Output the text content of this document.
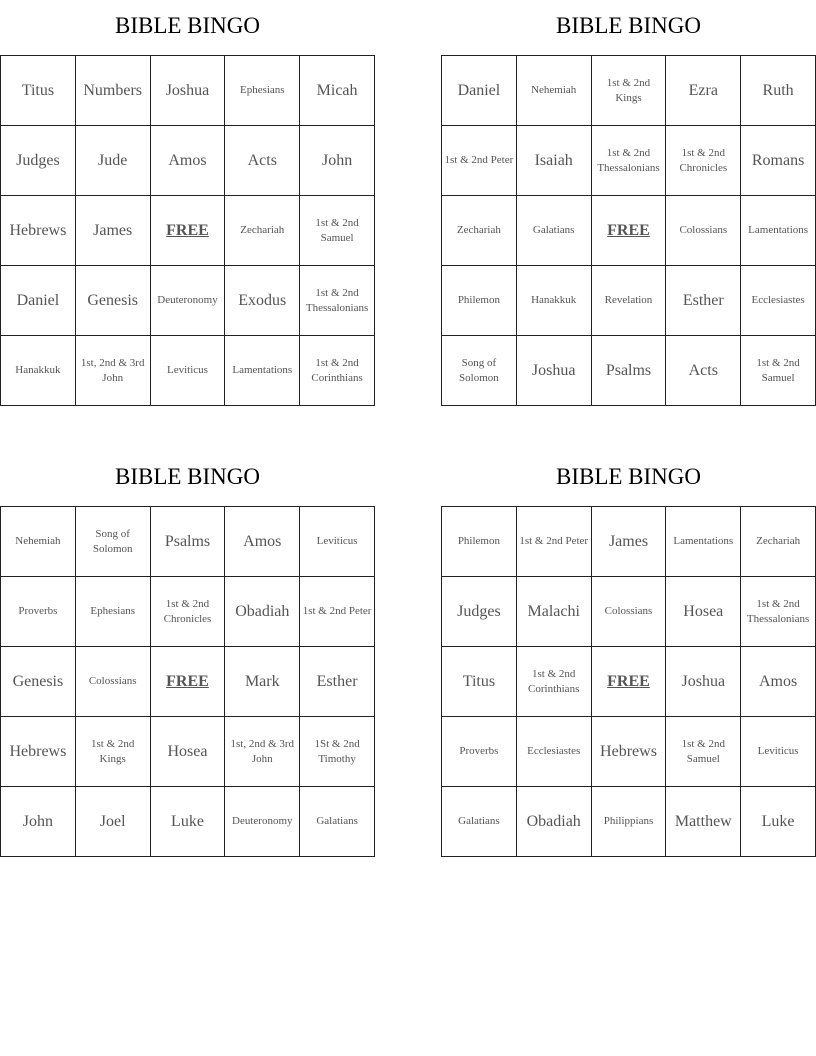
BIBLE BINGO
Titus	Numbers	Joshua	Ephesians	Micah
Judges	Jude	Amos	Acts	John
Hebrews	James	FREE	Zechariah	1st & 2nd Samuel
Daniel	Genesis	Deuteronomy	Exodus	1st & 2nd Thessalonians
Hanakkuk	1st, 2nd & 3rd John	Leviticus	Lamentations	1st & 2nd Corinthians
BIBLE BINGO
Daniel	Nehemiah	1st & 2nd Kings	Ezra	Ruth
1st & 2nd Peter	Isaiah	1st & 2nd Thessalonians	1st & 2nd Chronicles	Romans
Zechariah	Galatians	FREE	Colossians	Lamentations
Philemon	Hanakkuk	Revelation	Esther	Ecclesiastes
Song of Solomon	Joshua	Psalms	Acts	1st & 2nd Samuel
BIBLE BINGO
Nehemiah	Song of Solomon	Psalms	Amos	Leviticus
Proverbs	Ephesians	1st & 2nd Chronicles	Obadiah	1st & 2nd Peter
Genesis	Colossians	FREE	Mark	Esther
Hebrews	1st & 2nd Kings	Hosea	1st, 2nd & 3rd John	1St & 2nd Timothy
John	Joel	Luke	Deuteronomy	Galatians
BIBLE BINGO
Philemon	1st & 2nd Peter	James	Lamentations	Zechariah
Judges	Malachi	Colossians	Hosea	1st & 2nd Thessalonians
Titus	1st & 2nd Corinthians	FREE	Joshua	Amos
Proverbs	Ecclesiastes	Hebrews	1st & 2nd Samuel	Leviticus
Galatians	Obadiah	Philippians	Matthew	Luke
